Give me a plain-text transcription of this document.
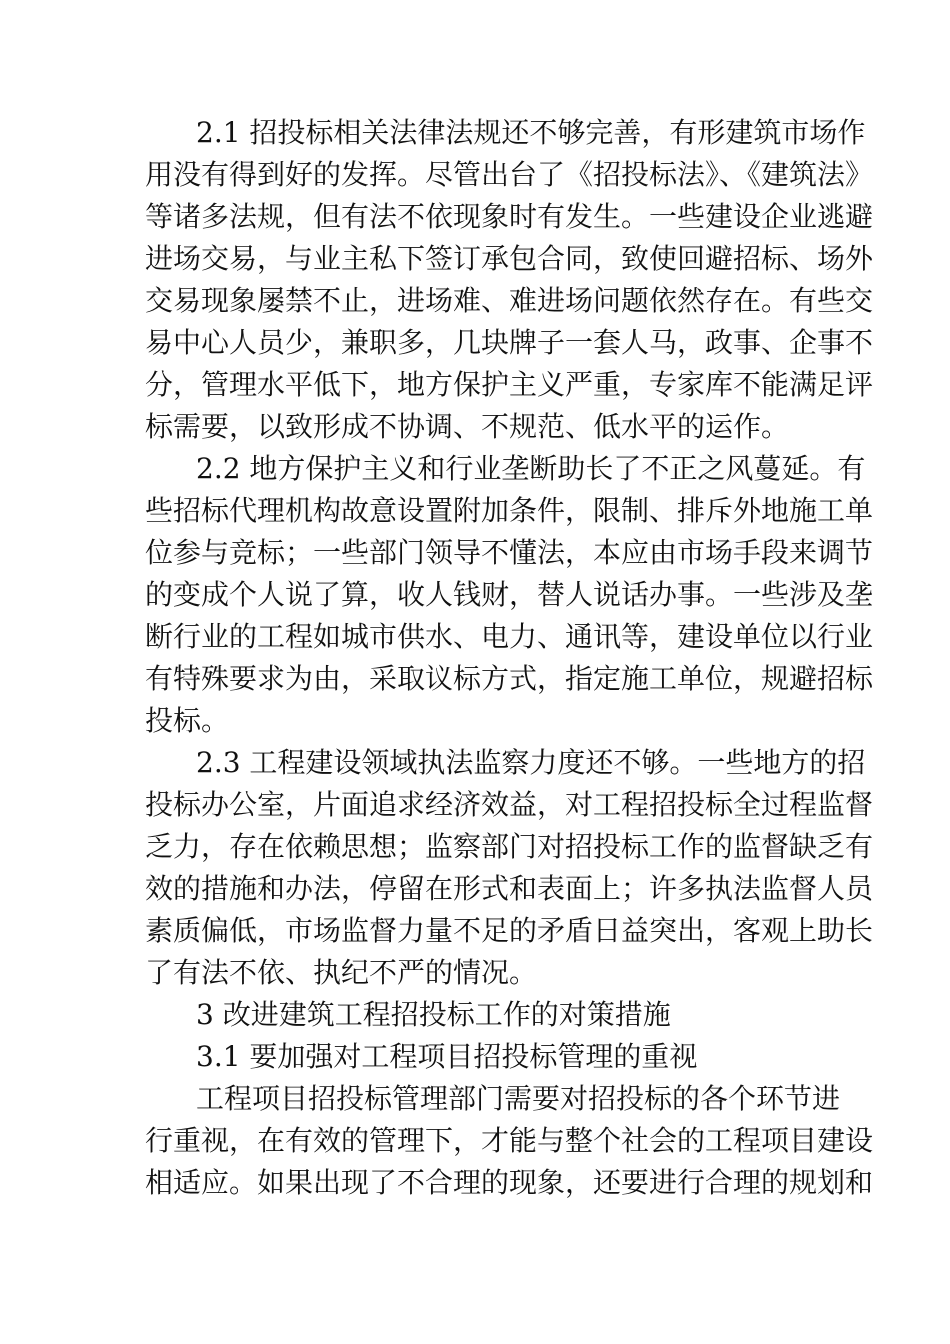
2.1 招投标相关法律法规还不够完善，有形建筑市场作
用没有得到好的发挥。尽管出台了《招投标法》、《建筑法》
等诸多法规，但有法不依现象时有发生。一些建设企业逃避
进场交易，与业主私下签订承包合同，致使回避招标、场外
交易现象屡禁不止，进场难、难进场问题依然存在。有些交
易中心人员少，兼职多，几块牌子一套人马，政事、企事不
分，管理水平低下，地方保护主义严重，专家库不能满足评
标需要，以致形成不协调、不规范、低水平的运作。
2.2 地方保护主义和行业垄断助长了不正之风蔓延。有
些招标代理机构故意设置附加条件，限制、排斥外地施工单
位参与竞标；一些部门领导不懂法，本应由市场手段来调节
的变成个人说了算，收人钱财，替人说话办事。一些涉及垄
断行业的工程如城市供水、电力、通讯等，建设单位以行业
有特殊要求为由，采取议标方式，指定施工单位，规避招标
投标。
2.3 工程建设领域执法监察力度还不够。一些地方的招
投标办公室，片面追求经济效益，对工程招投标全过程监督
乏力，存在依赖思想；监察部门对招投标工作的监督缺乏有
效的措施和办法，停留在形式和表面上；许多执法监督人员
素质偏低，市场监督力量不足的矛盾日益突出，客观上助长
了有法不依、执纪不严的情况。
3 改进建筑工程招投标工作的对策措施
3.1 要加强对工程项目招投标管理的重视
工程项目招投标管理部门需要对招投标的各个环节进
行重视，在有效的管理下，才能与整个社会的工程项目建设
相适应。如果出现了不合理的现象，还要进行合理的规划和
